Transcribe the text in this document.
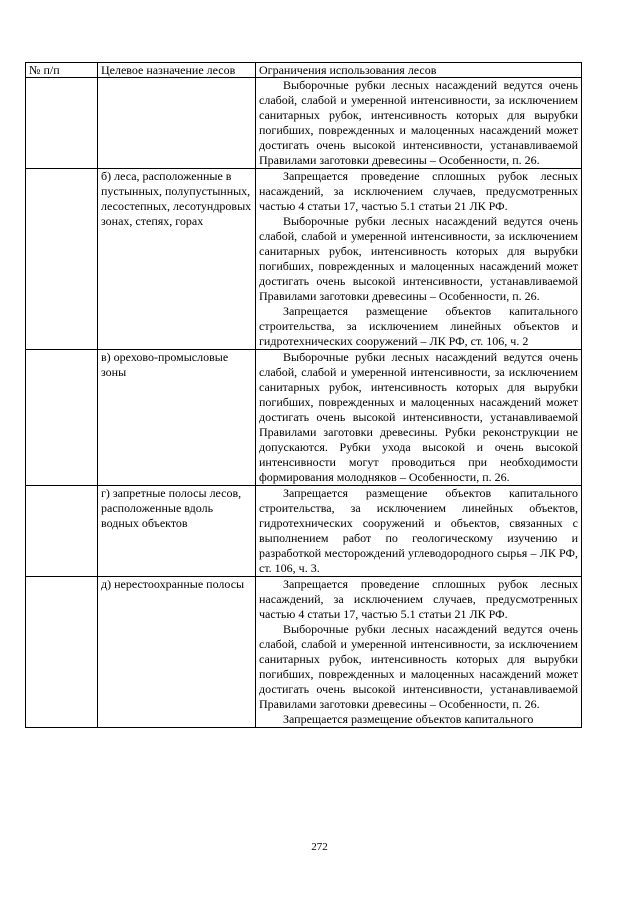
№ п/п	Целевое назначение лесов	Ограничения использования лесов

		Выборочные рубки лесных насаждений ведутся очень слабой, слабой и умеренной интенсивности, за исключением санитарных рубок, интенсивность которых для вырубки погибших, поврежденных и малоценных насаждений может достигать очень высокой интенсивности, устанавливаемой Правилами заготовки древесины – Особенности, п. 26.

	б) леса, расположенные в пустынных, полупустынных, лесостепных, лесотундровых зонах, степях, горах	Запрещается проведение сплошных рубок лесных насаждений, за исключением случаев, предусмотренных частью 4 статьи 17, частью 5.1 статьи 21 ЛК РФ.

Выборочные рубки лесных насаждений ведутся очень слабой, слабой и умеренной интенсивности, за исключением санитарных рубок, интенсивность которых для вырубки погибших, поврежденных и малоценных насаждений может достигать очень высокой интенсивности, устанавливаемой Правилами заготовки древесины – Особенности, п. 26.

Запрещается размещение объектов капитального строительства, за исключением линейных объектов и гидротехнических сооружений – ЛК РФ, ст. 106, ч. 2

	в) орехово-промысловые зоны	Выборочные рубки лесных насаждений ведутся очень слабой, слабой и умеренной интенсивности, за исключением санитарных рубок, интенсивность которых для вырубки погибших, поврежденных и малоценных насаждений может достигать очень высокой интенсивности, устанавливаемой Правилами заготовки древесины. Рубки реконструкции не допускаются. Рубки ухода высокой и очень высокой интенсивности могут проводиться при необходимости формирования молодняков – Особенности, п. 26.

	г) запретные полосы лесов, расположенные вдоль водных объектов	Запрещается размещение объектов капитального строительства, за исключением линейных объектов, гидротехнических сооружений и объектов, связанных с выполнением работ по геологическому изучению и разработкой месторождений углеводородного сырья – ЛК РФ, ст. 106, ч. 3.

	д) нерестоохранные полосы	Запрещается проведение сплошных рубок лесных насаждений, за исключением случаев, предусмотренных частью 4 статьи 17, частью 5.1 статьи 21 ЛК РФ.

Выборочные рубки лесных насаждений ведутся очень слабой, слабой и умеренной интенсивности, за исключением санитарных рубок, интенсивность которых для вырубки погибших, поврежденных и малоценных насаждений может достигать очень высокой интенсивности, устанавливаемой Правилами заготовки древесины – Особенности, п. 26.

Запрещается размещение объектов капитального

272
